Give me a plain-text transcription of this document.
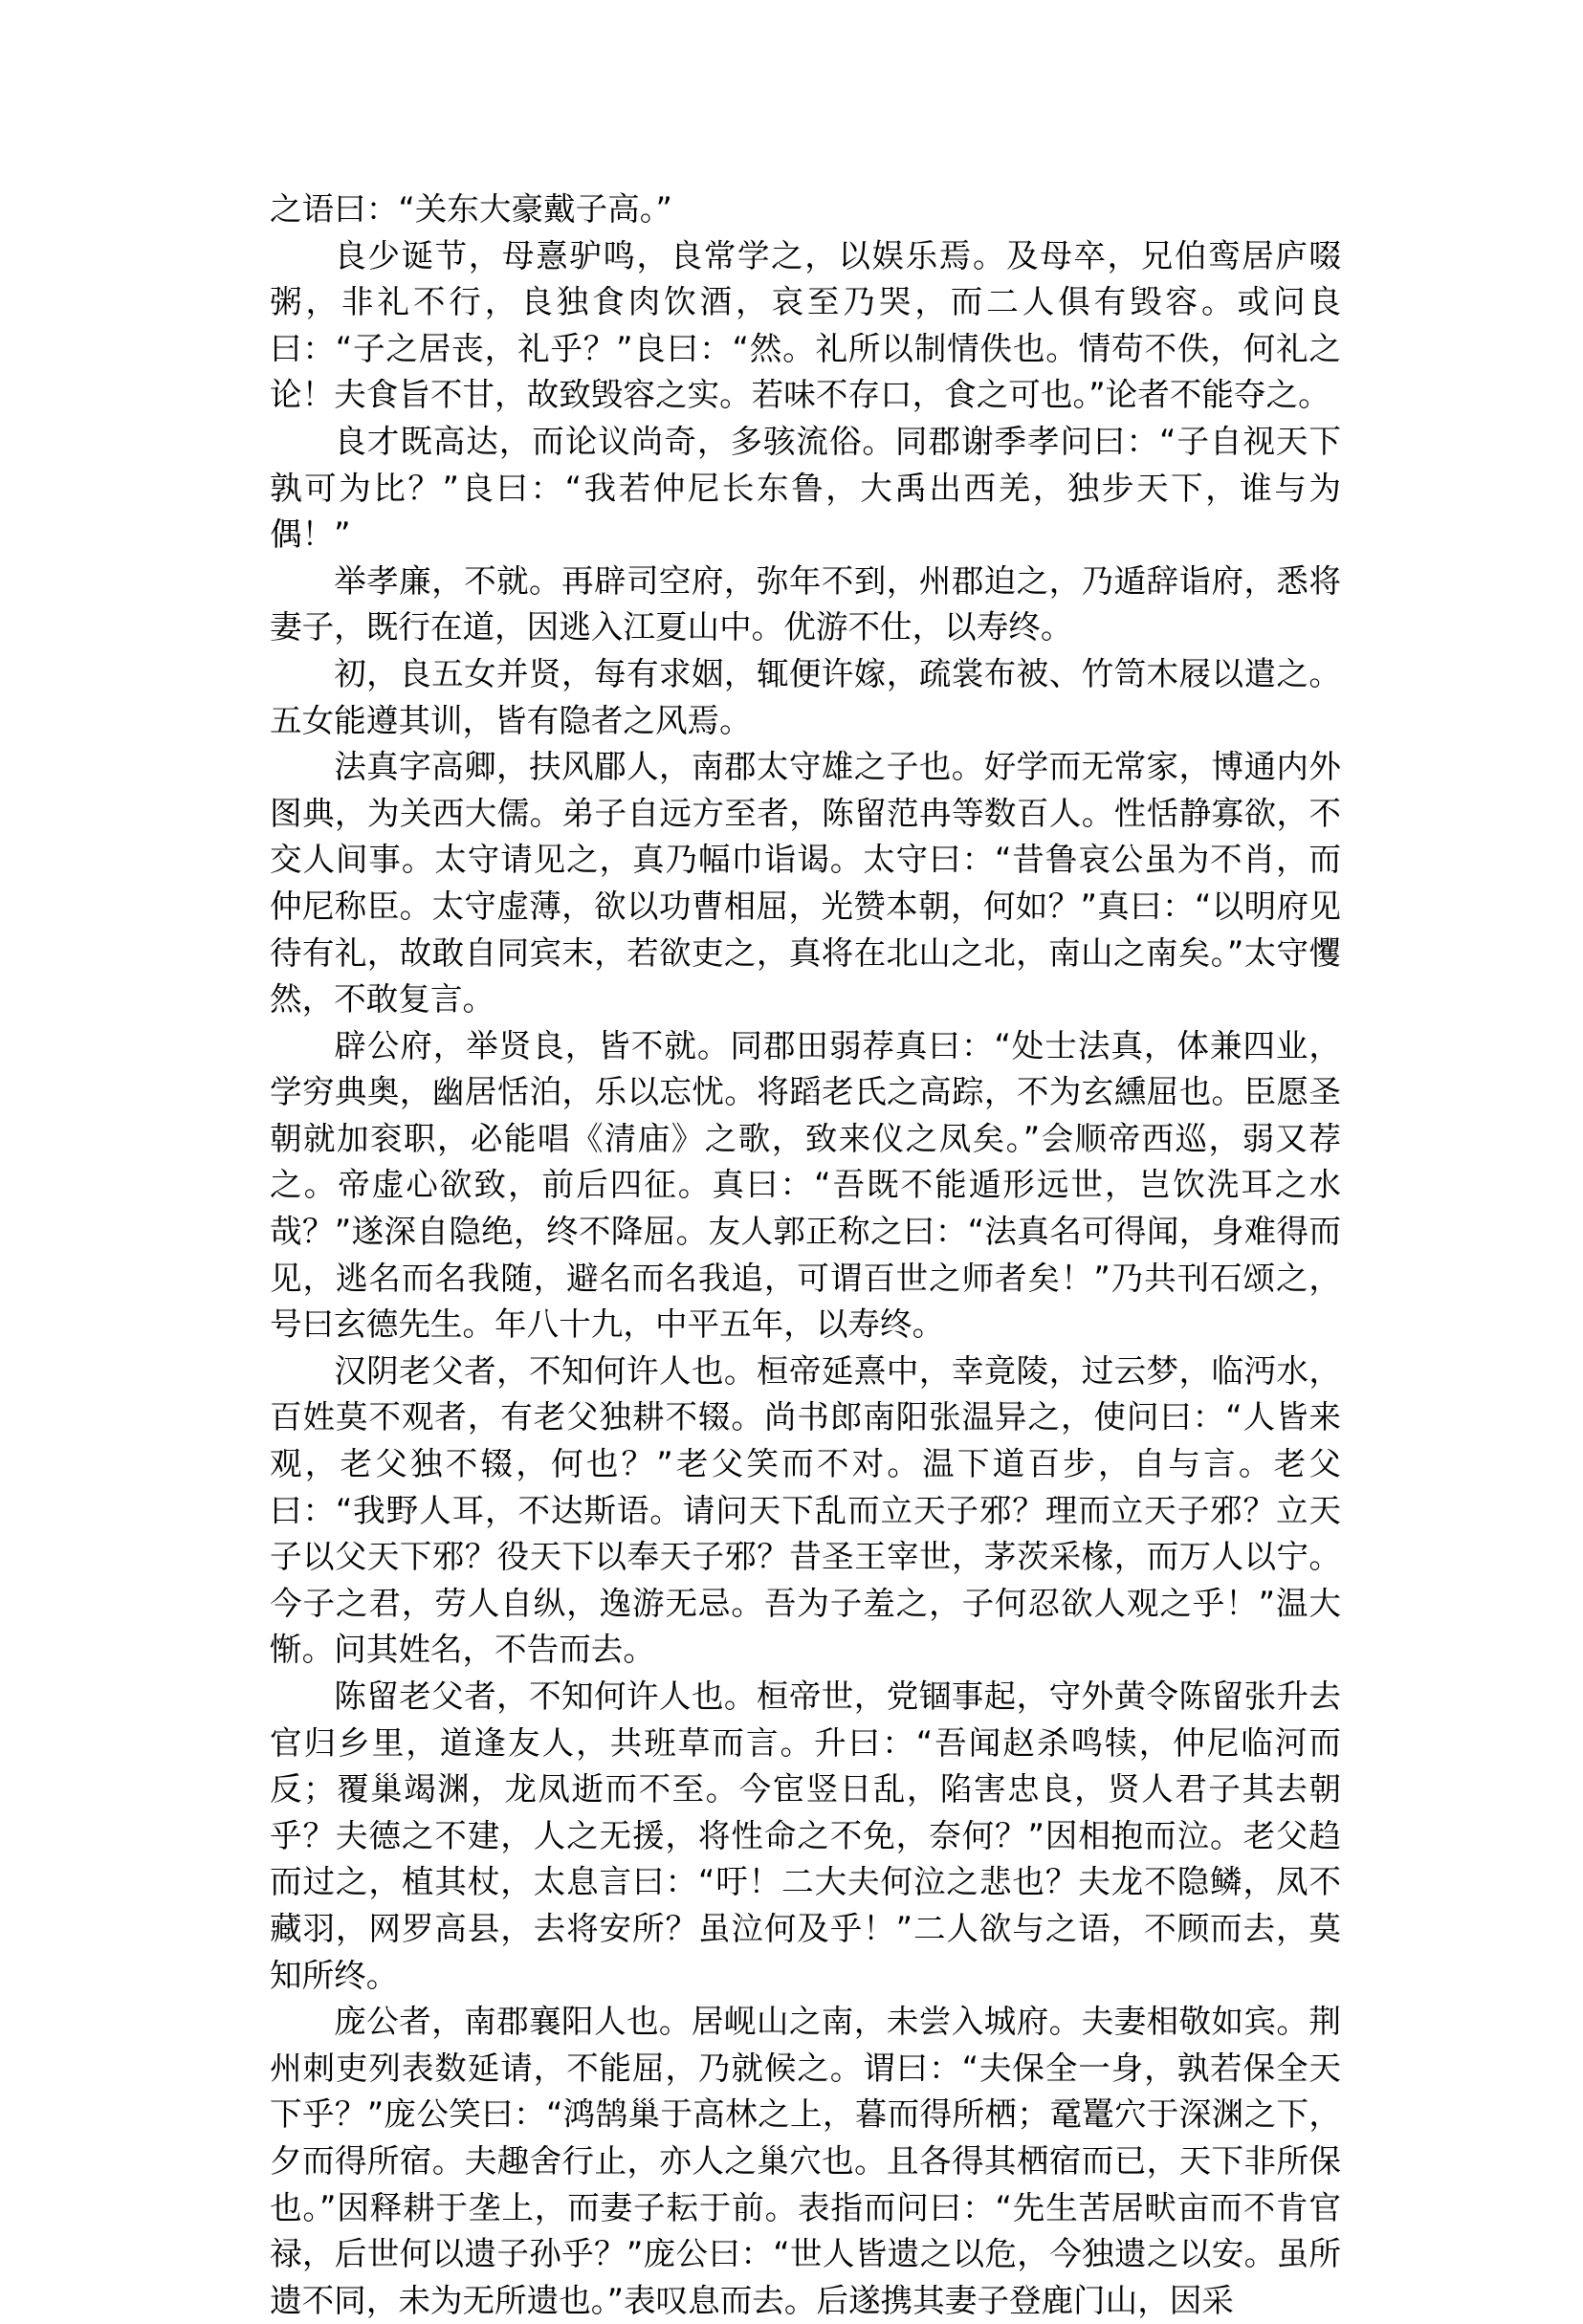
之语曰：“关东大豪戴子高。”

良少诞节，母憙驴鸣，良常学之，以娱乐焉。及母卒，兄伯鸾居庐啜粥，非礼不行，良独食肉饮酒，哀至乃哭，而二人俱有毁容。或问良曰：“子之居丧，礼乎？”良曰：“然。礼所以制情佚也。情苟不佚，何礼之论！夫食旨不甘，故致毁容之实。若味不存口，食之可也。”论者不能夺之。

良才既高达，而论议尚奇，多骇流俗。同郡谢季孝问曰：“子自视天下孰可为比？”良曰：“我若仲尼长东鲁，大禹出西羌，独步天下，谁与为偶！”

举孝廉，不就。再辟司空府，弥年不到，州郡迫之，乃遁辞诣府，悉将妻子，既行在道，因逃入江夏山中。优游不仕，以寿终。

初，良五女并贤，每有求姻，辄便许嫁，疏裳布被、竹笥木屐以遣之。五女能遵其训，皆有隐者之风焉。

法真字高卿，扶风郿人，南郡太守雄之子也。好学而无常家，博通内外图典，为关西大儒。弟子自远方至者，陈留范冉等数百人。性恬静寡欲，不交人间事。太守请见之，真乃幅巾诣谒。太守曰：“昔鲁哀公虽为不肖，而仲尼称臣。太守虚薄，欲以功曹相屈，光赞本朝，何如？”真曰：“以明府见待有礼，故敢自同宾末，若欲吏之，真将在北山之北，南山之南矣。”太守戄然，不敢复言。

辟公府，举贤良，皆不就。同郡田弱荐真曰：“处士法真，体兼四业，学穷典奥，幽居恬泊，乐以忘忧。将蹈老氏之高踪，不为玄纁屈也。臣愿圣朝就加衮职，必能唱《清庙》之歌，致来仪之凤矣。”会顺帝西巡，弱又荐之。帝虚心欲致，前后四征。真曰：“吾既不能遁形远世，岂饮洗耳之水哉？”遂深自隐绝，终不降屈。友人郭正称之曰：“法真名可得闻，身难得而见，逃名而名我随，避名而名我追，可谓百世之师者矣！”乃共刊石颂之，号曰玄德先生。年八十九，中平五年，以寿终。

汉阴老父者，不知何许人也。桓帝延熹中，幸竟陵，过云梦，临沔水，百姓莫不观者，有老父独耕不辍。尚书郎南阳张温异之，使问曰：“人皆来观，老父独不辍，何也？”老父笑而不对。温下道百步，自与言。老父曰：“我野人耳，不达斯语。请问天下乱而立天子邪？理而立天子邪？立天子以父天下邪？役天下以奉天子邪？昔圣王宰世，茅茨采椽，而万人以宁。今子之君，劳人自纵，逸游无忌。吾为子羞之，子何忍欲人观之乎！”温大惭。问其姓名，不告而去。

陈留老父者，不知何许人也。桓帝世，党锢事起，守外黄令陈留张升去官归乡里，道逢友人，共班草而言。升曰：“吾闻赵杀鸣犊，仲尼临河而反；覆巢竭渊，龙凤逝而不至。今宦竖日乱，陷害忠良，贤人君子其去朝乎？夫德之不建，人之无援，将性命之不免，奈何？”因相抱而泣。老父趋而过之，植其杖，太息言曰：“吁！二大夫何泣之悲也？夫龙不隐鳞，凤不藏羽，网罗高县，去将安所？虽泣何及乎！”二人欲与之语，不顾而去，莫知所终。

庞公者，南郡襄阳人也。居岘山之南，未尝入城府。夫妻相敬如宾。荆州刺吏列表数延请，不能屈，乃就候之。谓曰：“夫保全一身，孰若保全天下乎？”庞公笑曰：“鸿鹄巢于高林之上，暮而得所栖；鼋鼍穴于深渊之下，夕而得所宿。夫趣舍行止，亦人之巢穴也。且各得其栖宿而已，天下非所保也。”因释耕于垄上，而妻子耘于前。表指而问曰：“先生苦居畎亩而不肯官禄，后世何以遗子孙乎？”庞公曰：“世人皆遗之以危，今独遗之以安。虽所遗不同，未为无所遗也。”表叹息而去。后遂携其妻子登鹿门山，因采
